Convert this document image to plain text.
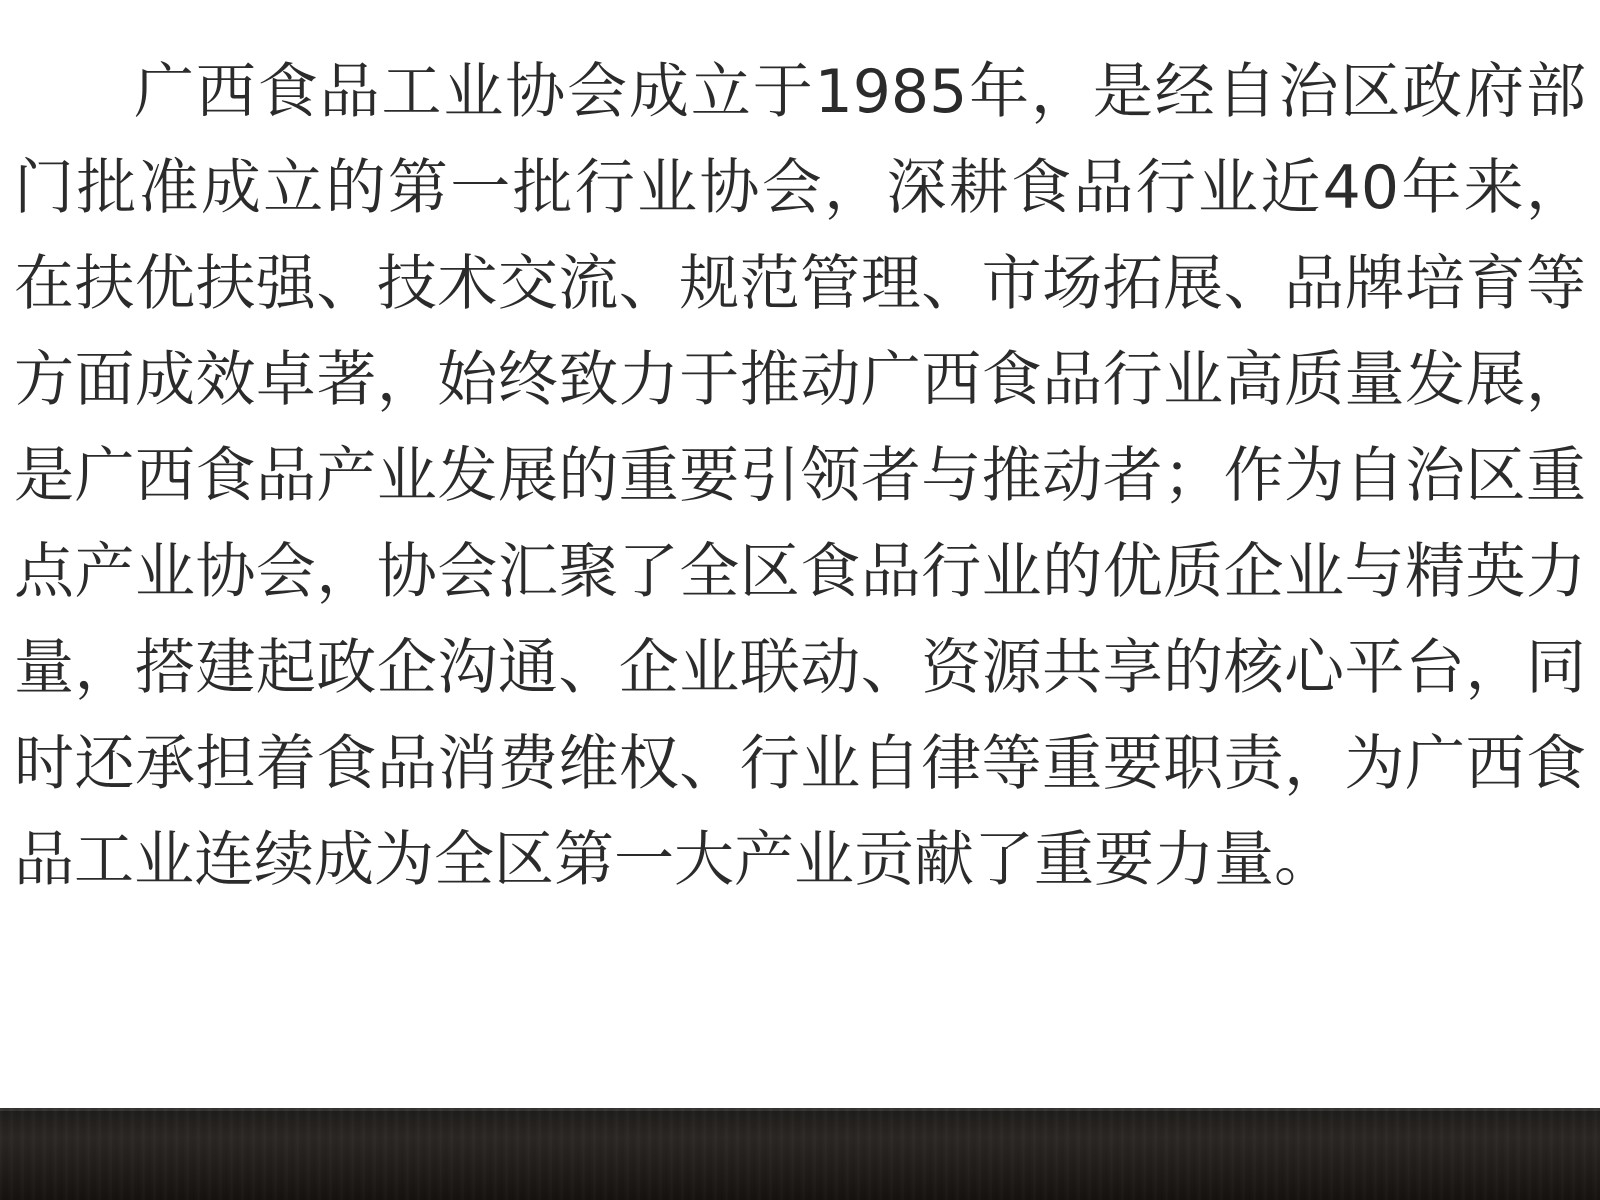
广西食品工业协会成立于1985年，是经自治区政府部门批准成立的第一批行业协会，深耕食品行业近40年来，在扶优扶强、技术交流、规范管理、市场拓展、品牌培育等方面成效卓著，始终致力于推动广西食品行业高质量发展，是广西食品产业发展的重要引领者与推动者；作为自治区重点产业协会，协会汇聚了全区食品行业的优质企业与精英力量，搭建起政企沟通、企业联动、资源共享的核心平台，同时还承担着食品消费维权、行业自律等重要职责，为广西食品工业连续成为全区第一大产业贡献了重要力量。
